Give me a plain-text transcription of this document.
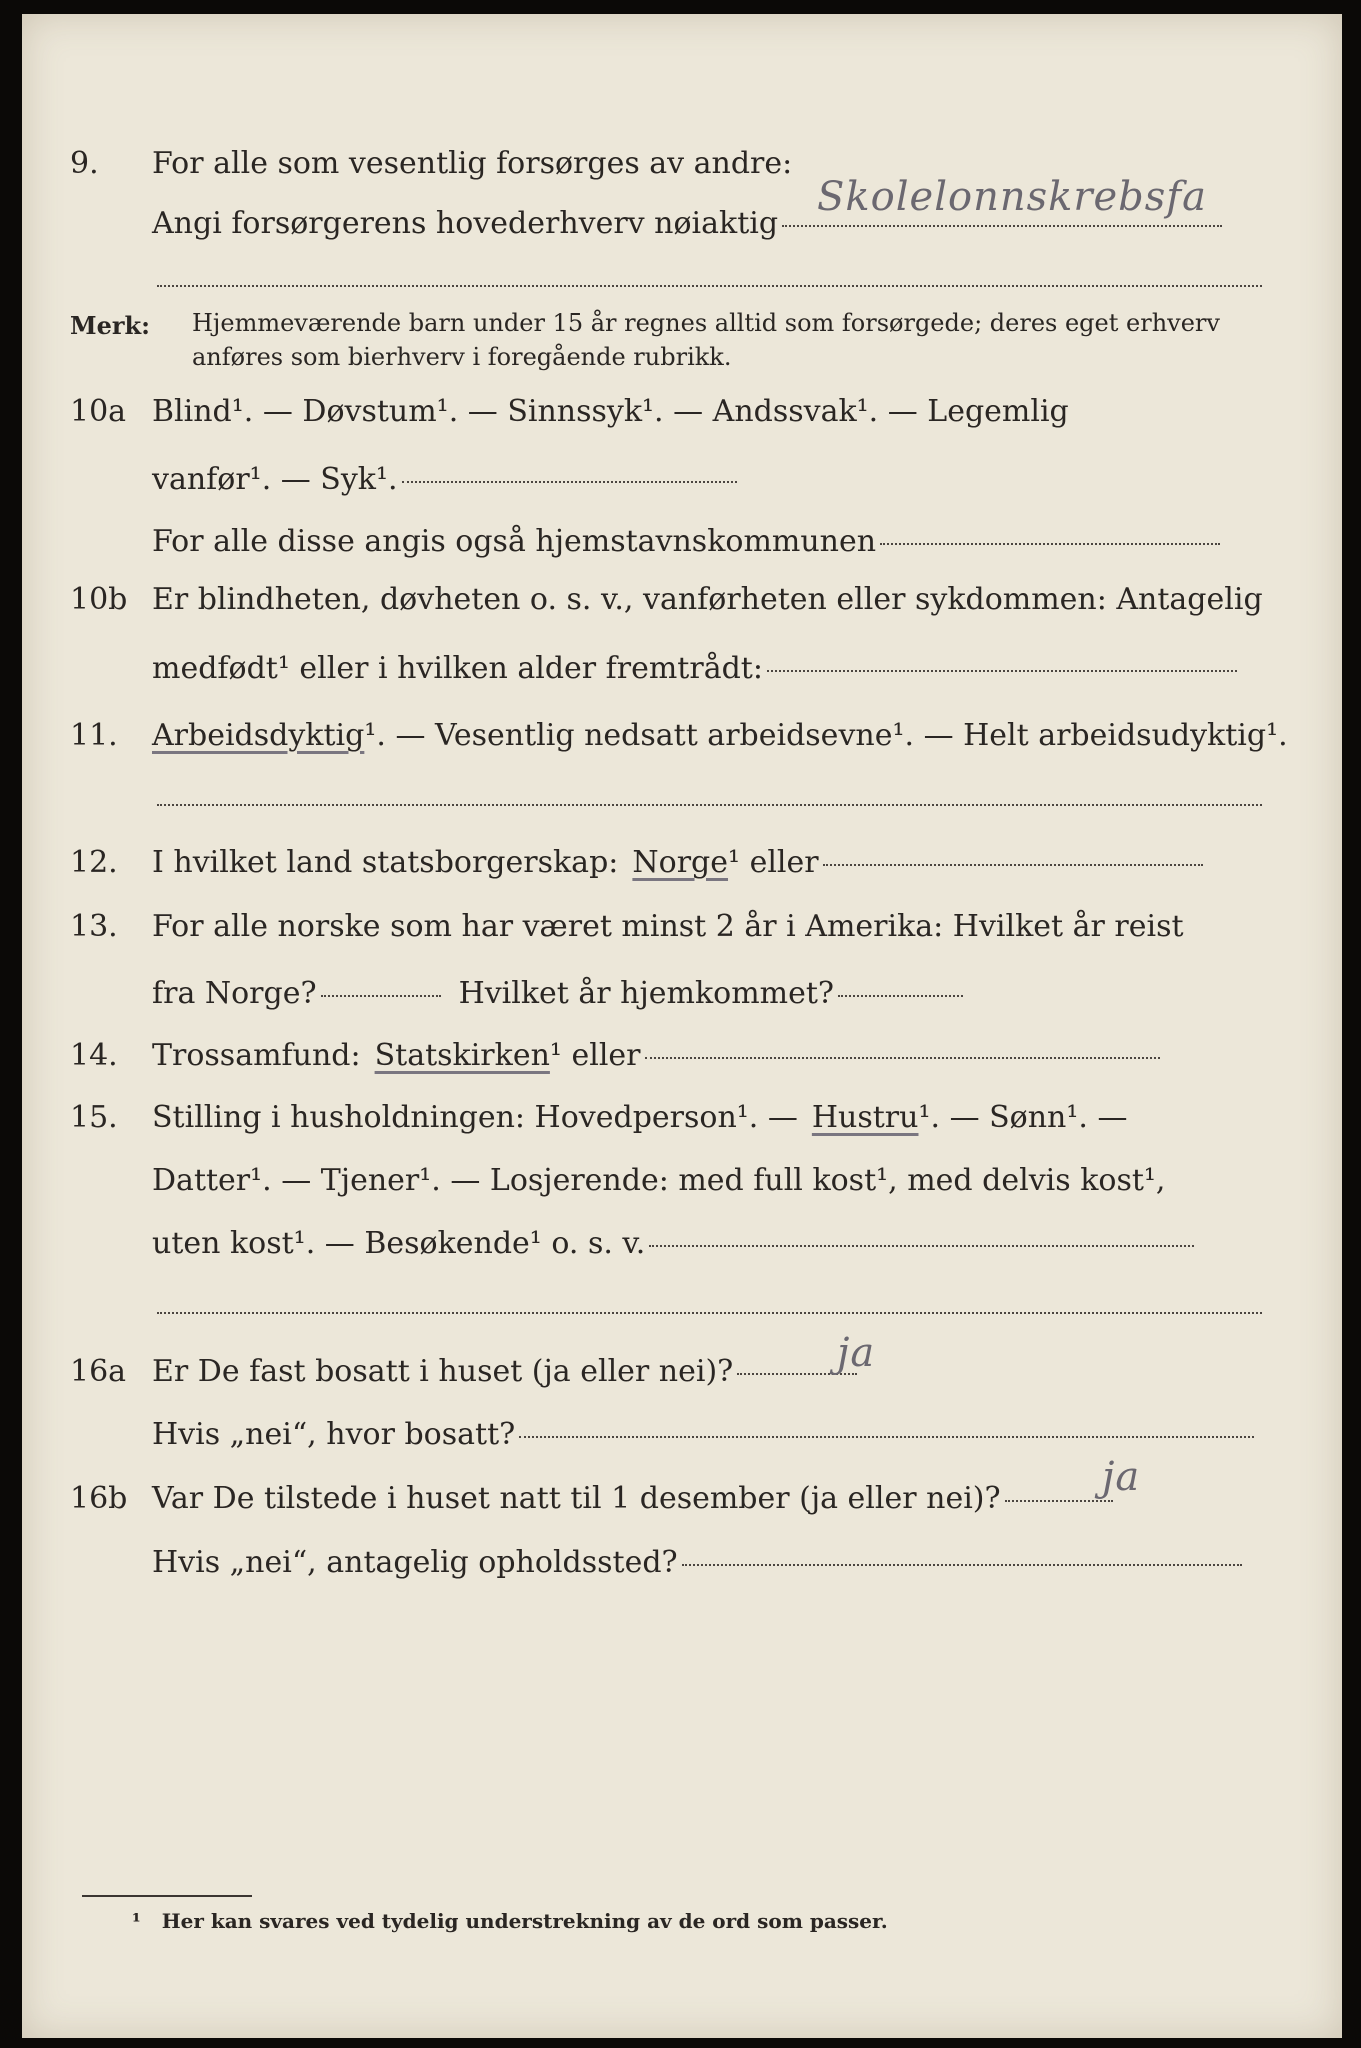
9. For alle som vesentlig forsørges av andre:
Angi forsørgerens hovederhverv nøiaktig
Skolelonnskrebsfa
Merk: Hjemmeværende barn under 15 år regnes alltid som forsørgede; deres eget erhverv
anføres som bierhverv i foregående rubrikk.
10a Blind¹. — Døvstum¹. — Sinnssyk¹. — Andssvak¹. — Legemlig
vanfør¹. — Syk¹.
For alle disse angis også hjemstavnskommunen
10b Er blindheten, døvheten o. s. v., vanførheten eller sykdommen: Antagelig
medfødt¹ eller i hvilken alder fremtrådt:
11. Arbeidsdyktig ¹. — Vesentlig nedsatt arbeidsevne¹. — Helt arbeidsudyktig¹.
12. I hvilket land statsborgerskap: Norge ¹ eller
13. For alle norske som har været minst 2 år i Amerika: Hvilket år reist
fra Norge?	Hvilket år hjemkommet?
14. Trossamfund: Statskirken ¹ eller
15. Stilling i husholdningen: Hovedperson¹. — Hustru ¹. — Sønn¹. —
Datter¹. — Tjener¹. — Losjerende: med full kost¹, med delvis kost¹,
uten kost¹. — Besøkende¹ o. s. v.
16a Er De fast bosatt i huset (ja eller nei)?	ja
Hvis „nei“, hvor bosatt?
16b Var De tilstede i huset natt til 1 desember (ja eller nei)?	ja
Hvis „nei“, antagelig opholdssted?
¹ Her kan svares ved tydelig understrekning av de ord som passer.
